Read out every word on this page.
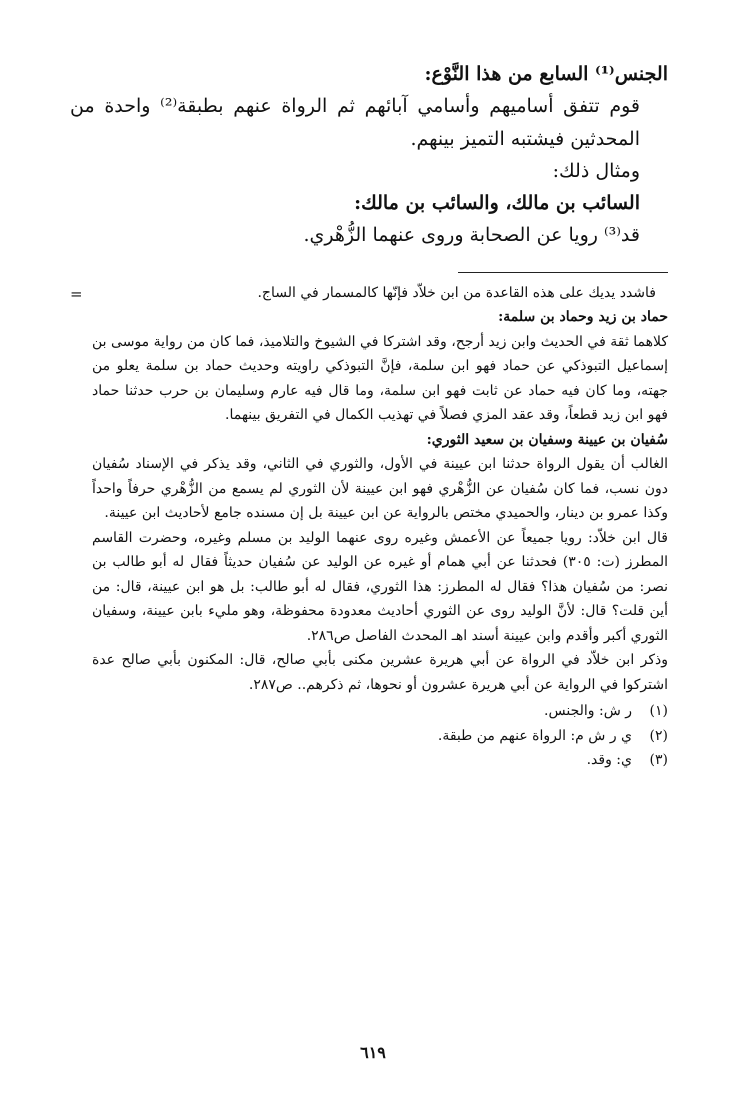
الجنس⁽¹⁾ السابع من هذا النَّوْع:

قوم تتفق أساميهم وأسامي آبائهم ثم الرواة عنهم بطبقة⁽²⁾ واحدة من المحدثين فيشتبه التميز بينهم.

ومثال ذلك:

السائب بن مالك، والسائب بن مالك:

قد⁽³⁾ رويا عن الصحابة وروى عنهما الزُّهْري.

فاشدد يديك على هذه القاعدة من ابن خلاّد فإنّها كالمسمار في الساج.

حماد بن زيد وحماد بن سلمة:

كلاهما ثقة في الحديث وابن زيد أرجح، وقد اشتركا في الشيوخ والتلاميذ، فما كان من رواية موسى بن إسماعيل التبوذكي عن حماد فهو ابن سلمة، فإنَّ التبوذكي راويته وحديث حماد بن سلمة يعلو من جهته، وما كان فيه حماد عن ثابت فهو ابن سلمة، وما قال فيه عارم وسليمان بن حرب حدثنا حماد فهو ابن زيد قطعاً، وقد عقد المزي فصلاً في تهذيب الكمال في التفريق بينهما.

سُفيان بن عيينة وسفيان بن سعيد الثوري:

الغالب أن يقول الرواة حدثنا ابن عيينة في الأول، والثوري في الثاني، وقد يذكر في الإسناد سُفيان دون نسب، فما كان سُفيان عن الزُّهْري فهو ابن عيينة لأن الثوري لم يسمع من الزُّهْري حرفاً واحداً وكذا عمرو بن دينار، والحميدي مختص بالرواية عن ابن عيينة بل إن مسنده جامع لأحاديث ابن عيينة.

قال ابن خلاّد: رويا جميعاً عن الأعمش وغيره روى عنهما الوليد بن مسلم وغيره، وحضرت القاسم المطرز (ت: ٣٠٥) فحدثنا عن أبي همام أو غيره عن الوليد عن سُفيان حديثاً فقال له أبو طالب بن نصر: من سُفيان هذا؟ فقال له المطرز: هذا الثوري، فقال له أبو طالب: بل هو ابن عيينة، قال: من أين قلت؟ قال: لأنَّ الوليد روى عن الثوري أحاديث معدودة محفوظة، وهو مليء بابن عيينة، وسفيان الثوري أكبر وأقدم وابن عيينة أسند اهـ المحدث الفاصل ص٢٨٦.

وذكر ابن خلاّد في الرواة عن أبي هريرة عشرين مكنى بأبي صالح، قال: المكنون بأبي صالح عدة اشتركوا في الرواية عن أبي هريرة عشرون أو نحوها، ثم ذكرهم.. ص٢٨٧.

=
(١)
ر ش: والجنس.
(٢)
ي ر ش م: الرواة عنهم من طبقة.
(٣)
ي: وقد.
٦١٩
